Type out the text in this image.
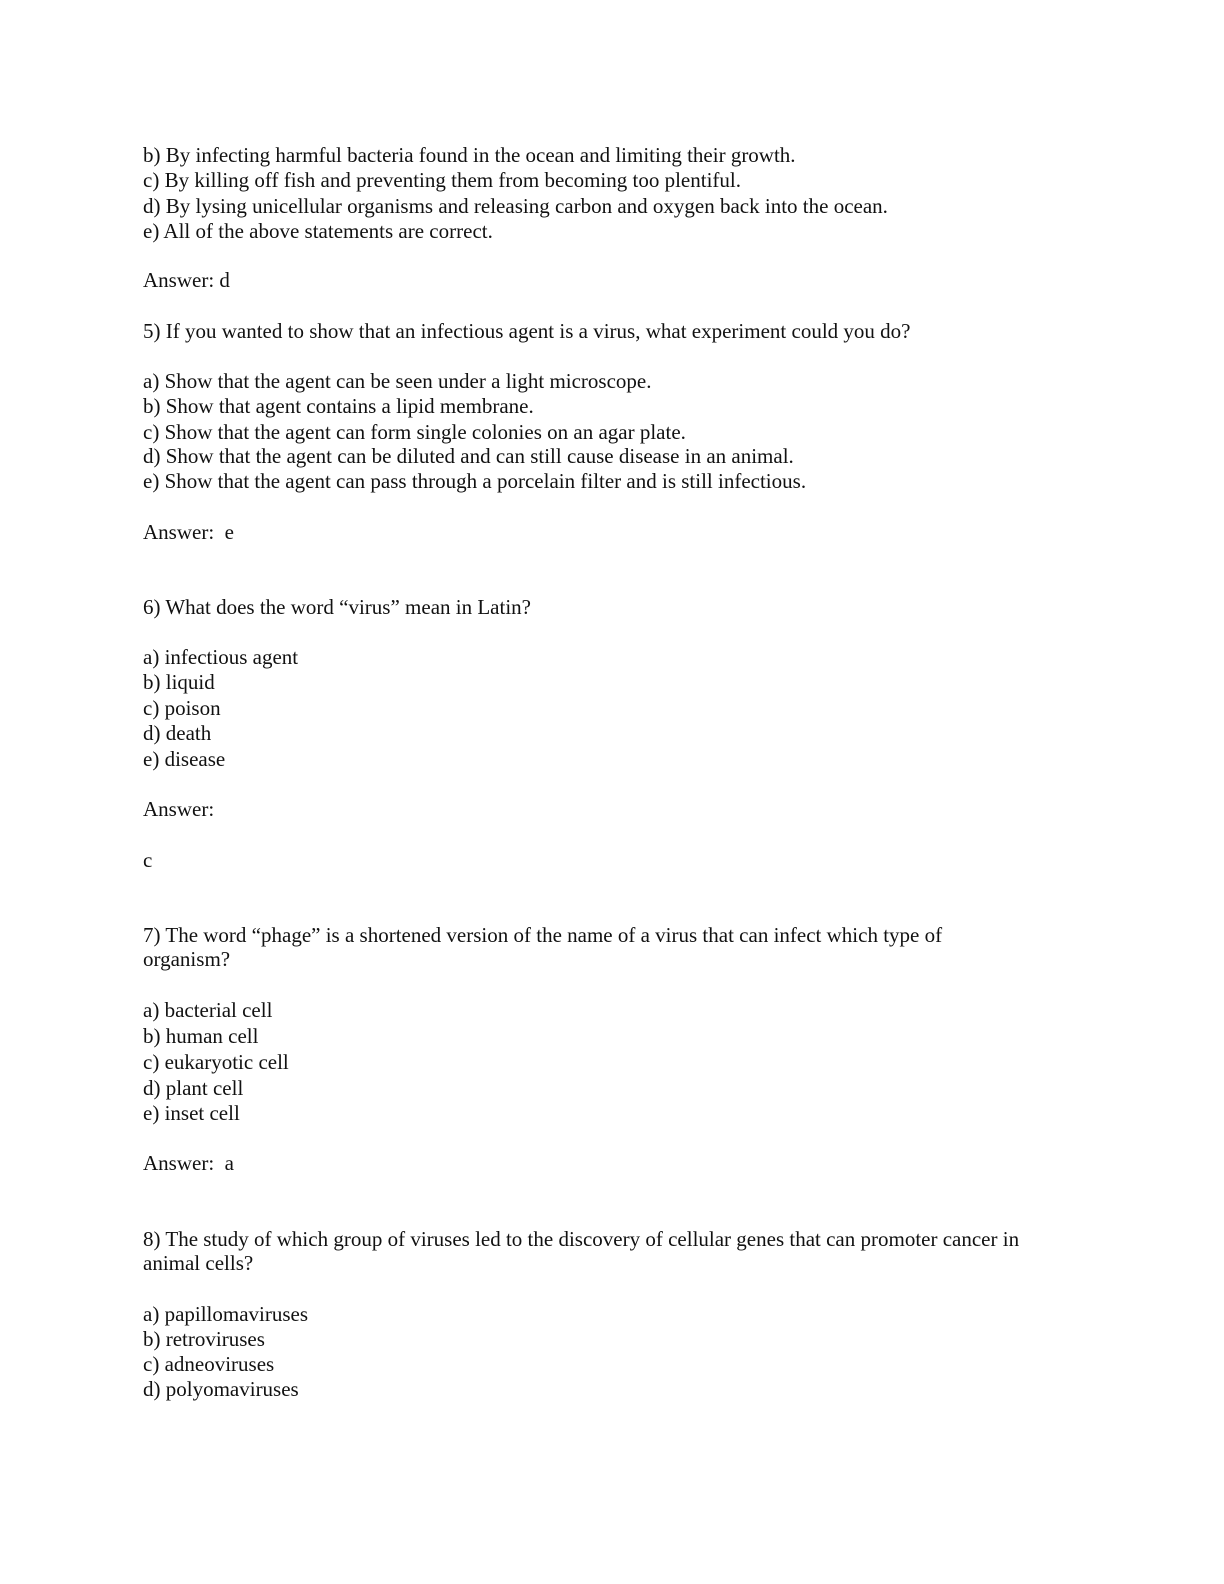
b) By infecting harmful bacteria found in the ocean and limiting their growth.
c) By killing off fish and preventing them from becoming too plentiful.
d) By lysing unicellular organisms and releasing carbon and oxygen back into the ocean.
e) All of the above statements are correct.
Answer: d
5) If you wanted to show that an infectious agent is a virus, what experiment could you do?
a) Show that the agent can be seen under a light microscope.
b) Show that agent contains a lipid membrane.
c) Show that the agent can form single colonies on an agar plate.
d) Show that the agent can be diluted and can still cause disease in an animal.
e) Show that the agent can pass through a porcelain filter and is still infectious.
Answer:  e
6) What does the word “virus” mean in Latin?
a) infectious agent
b) liquid
c) poison
d) death
e) disease
Answer:
c
7) The word “phage” is a shortened version of the name of a virus that can infect which type of
organism?
a) bacterial cell
b) human cell
c) eukaryotic cell
d) plant cell
e) inset cell
Answer:  a
8) The study of which group of viruses led to the discovery of cellular genes that can promoter cancer in
animal cells?
a) papillomaviruses
b) retroviruses
c) adneoviruses
d) polyomaviruses
